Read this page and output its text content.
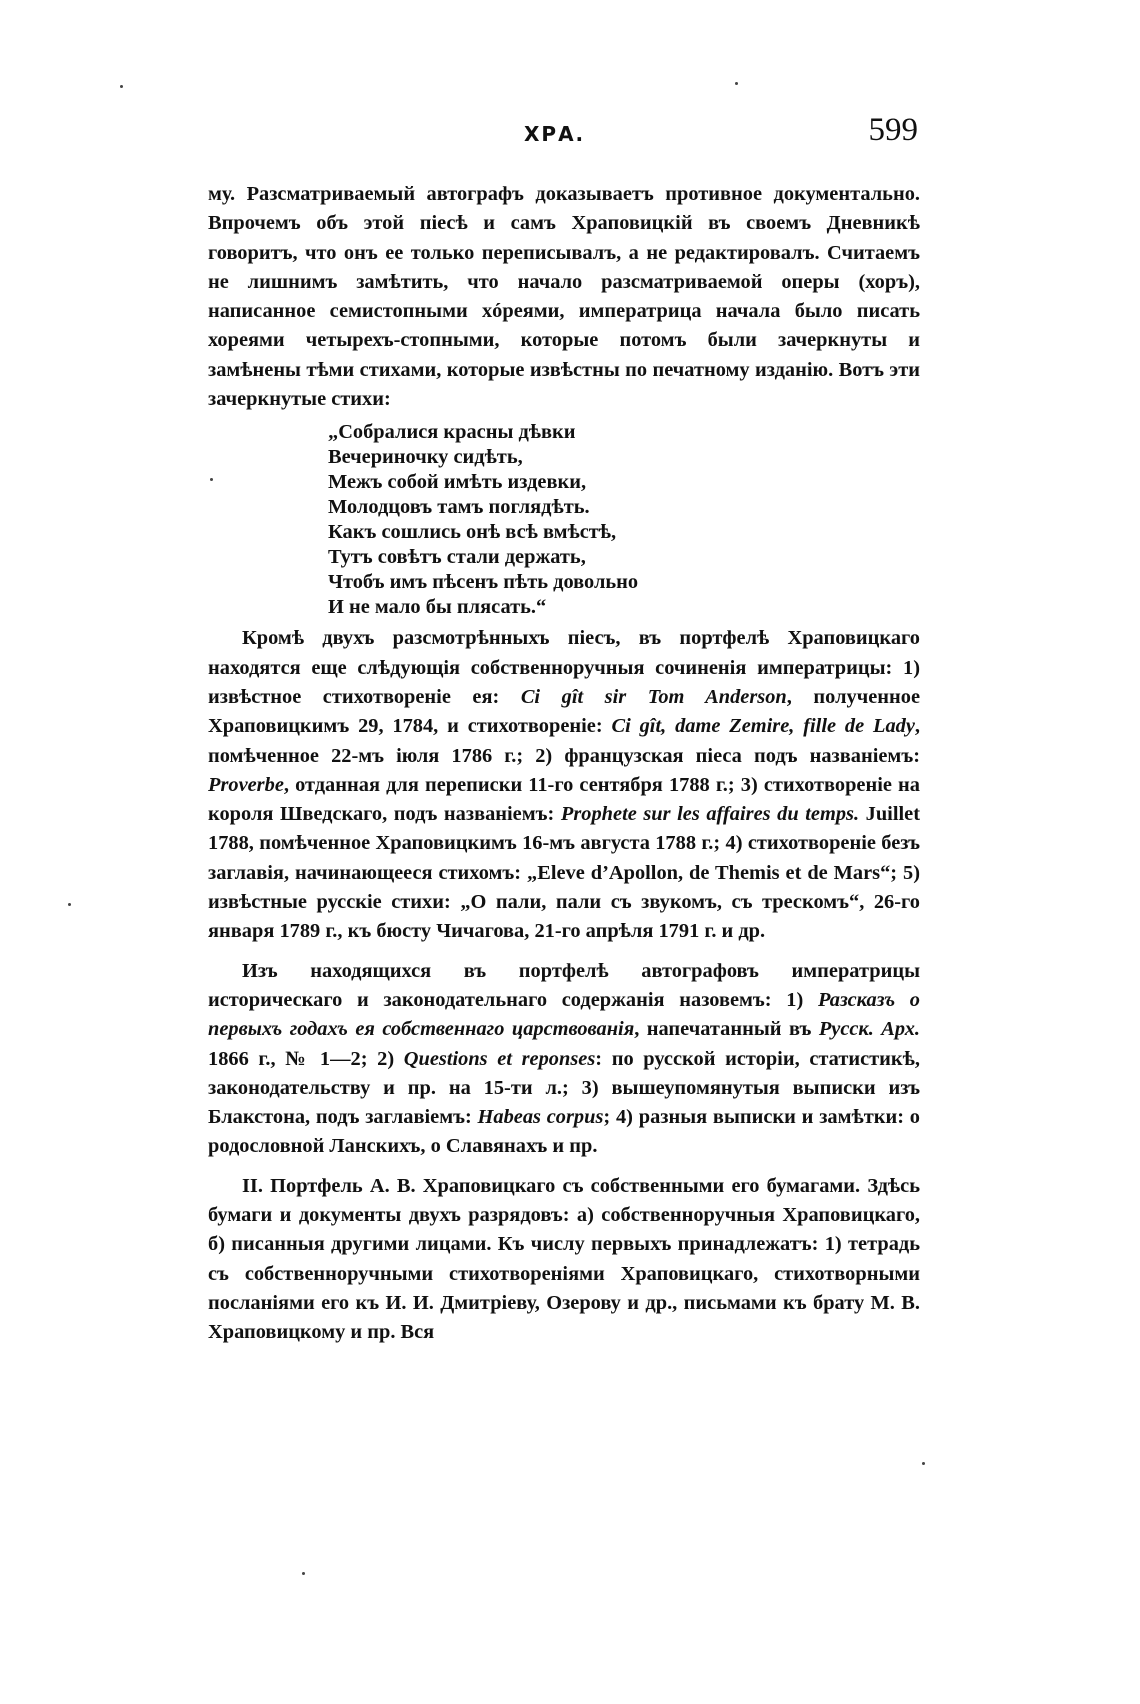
ХРА.	599

му. Разсматриваемый автографъ доказываетъ противное документально. Впрочемъ объ этой піесѣ и самъ Храповицкій въ своемъ Дневникѣ говоритъ, что онъ ее только переписывалъ, а не редактировалъ. Считаемъ не лишнимъ замѣтить, что начало разсматриваемой оперы (хоръ), написанное семистопными хóреями, императрица начала было писать хореями четырехъ-стопными, которые потомъ были зачеркнуты и замѣнены тѣми стихами, которые извѣстны по печатному изданію. Вотъ эти зачеркнутые стихи:

„Собралися красны дѣвки
Вечериночку сидѣть,
Межъ собой имѣть издевки,
Молодцовъ тамъ поглядѣть.
Какъ сошлись онѣ всѣ вмѣстѣ,
Тутъ совѣтъ стали держать,
Чтобъ имъ пѣсенъ пѣть довольно
И не мало бы плясать.“

Кромѣ двухъ разсмотрѣнныхъ піесъ, въ портфелѣ Храповицкаго находятся еще слѣдующія собственноручныя сочиненія императрицы: 1) извѣстное стихотвореніе ея: Ci gît sir Tom Anderson, полученное Храповицкимъ 29, 1784, и стихотвореніе: Ci gît, dame Zemire, fille de Lady, помѣченное 22-мъ іюля 1786 г.; 2) французская піеса подъ названіемъ: Proverbe, отданная для переписки 11-го сентября 1788 г.; 3) стихотвореніе на короля Шведскаго, подъ названіемъ: Prophete sur les affaires du temps. Juillet 1788, помѣченное Храповицкимъ 16-мъ августа 1788 г.; 4) стихотвореніе безъ заглавія, начинающееся стихомъ: „Eleve d’Apollon, de Themis et de Mars“; 5) извѣстные русскіе стихи: „О пали, пали съ звукомъ, съ трескомъ“, 26-го января 1789 г., къ бюсту Чичагова, 21-го апрѣля 1791 г. и др.

Изъ находящихся въ портфелѣ автографовъ императрицы историческаго и законодательнаго содержанія назовемъ: 1) Разсказъ о первыхъ годахъ ея собственнаго царствованія, напечатанный въ Русск. Арх. 1866 г., № 1—2; 2) Questions et reponses: по русской исторіи, статистикѣ, законодательству и пр. на 15-ти л.; 3) вышеупомянутыя выписки изъ Блакстона, подъ заглавіемъ: Habeas corpus; 4) разныя выписки и замѣтки: о родословной Ланскихъ, о Славянахъ и пр.

II. Портфель А. В. Храповицкаго съ собственными его бумагами. Здѣсь бумаги и документы двухъ разрядовъ: а) собственноручныя Храповицкаго, б) писанныя другими лицами. Къ числу первыхъ принадлежатъ: 1) тетрадь съ собственноручными стихотвореніями Храповицкаго, стихотворными посланіями его къ И. И. Дмитріеву, Озерову и др., письмами къ брату М. В. Храповицкому и пр. Вся
